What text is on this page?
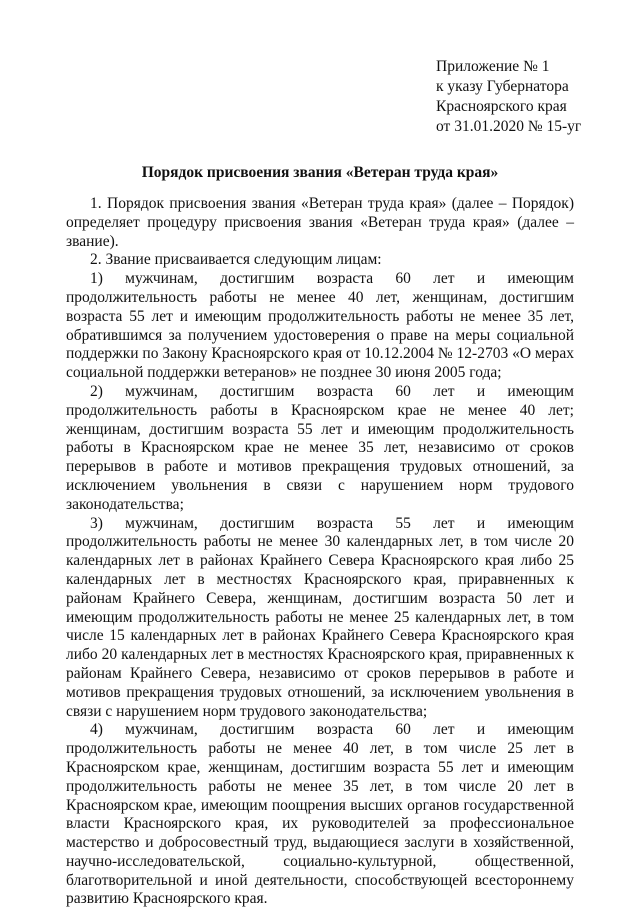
Приложение № 1
к указу Губернатора
Красноярского края
от 31.01.2020 № 15-уг
Порядок присвоения звания «Ветеран труда края»

1. Порядок присвоения звания «Ветеран труда края» (далее – Порядок) определяет процедуру присвоения звания «Ветеран труда края» (далее – звание).

2. Звание присваивается следующим лицам:

1) мужчинам, достигшим возраста 60 лет и имеющим продолжительность работы не менее 40 лет, женщинам, достигшим возраста 55 лет и имеющим продолжительность работы не менее 35 лет, обратившимся за получением удостоверения о праве на меры социальной поддержки по Закону Красноярского края от 10.12.2004 № 12-2703 «О мерах социальной поддержки ветеранов» не позднее 30 июня 2005 года;

2) мужчинам, достигшим возраста 60 лет и имеющим продолжительность работы в Красноярском крае не менее 40 лет; женщинам, достигшим возраста 55 лет и имеющим продолжительность работы в Красноярском крае не менее 35 лет, независимо от сроков перерывов в работе и мотивов прекращения трудовых отношений, за исключением увольнения в связи с нарушением норм трудового законодательства;

3) мужчинам, достигшим возраста 55 лет и имеющим продолжительность работы не менее 30 календарных лет, в том числе 20 календарных лет в районах Крайнего Севера Красноярского края либо 25 календарных лет в местностях Красноярского края, приравненных к районам Крайнего Севера, женщинам, достигшим возраста 50 лет и имеющим продолжительность работы не менее 25 календарных лет, в том числе 15 календарных лет в районах Крайнего Севера Красноярского края либо 20 календарных лет в местностях Красноярского края, приравненных к районам Крайнего Севера, независимо от сроков перерывов в работе и мотивов прекращения трудовых отношений, за исключением увольнения в связи с нарушением норм трудового законодательства;

4) мужчинам, достигшим возраста 60 лет и имеющим продолжительность работы не менее 40 лет, в том числе 25 лет в Красноярском крае, женщинам, достигшим возраста 55 лет и имеющим продолжительность работы не менее 35 лет, в том числе 20 лет в Красноярском крае, имеющим поощрения высших органов государственной власти Красноярского края, их руководителей за профессиональное мастерство и добросовестный труд, выдающиеся заслуги в хозяйственной, научно-исследовательской, социально-культурной, общественной, благотворительной и иной деятельности, способствующей всестороннему развитию Красноярского края.
